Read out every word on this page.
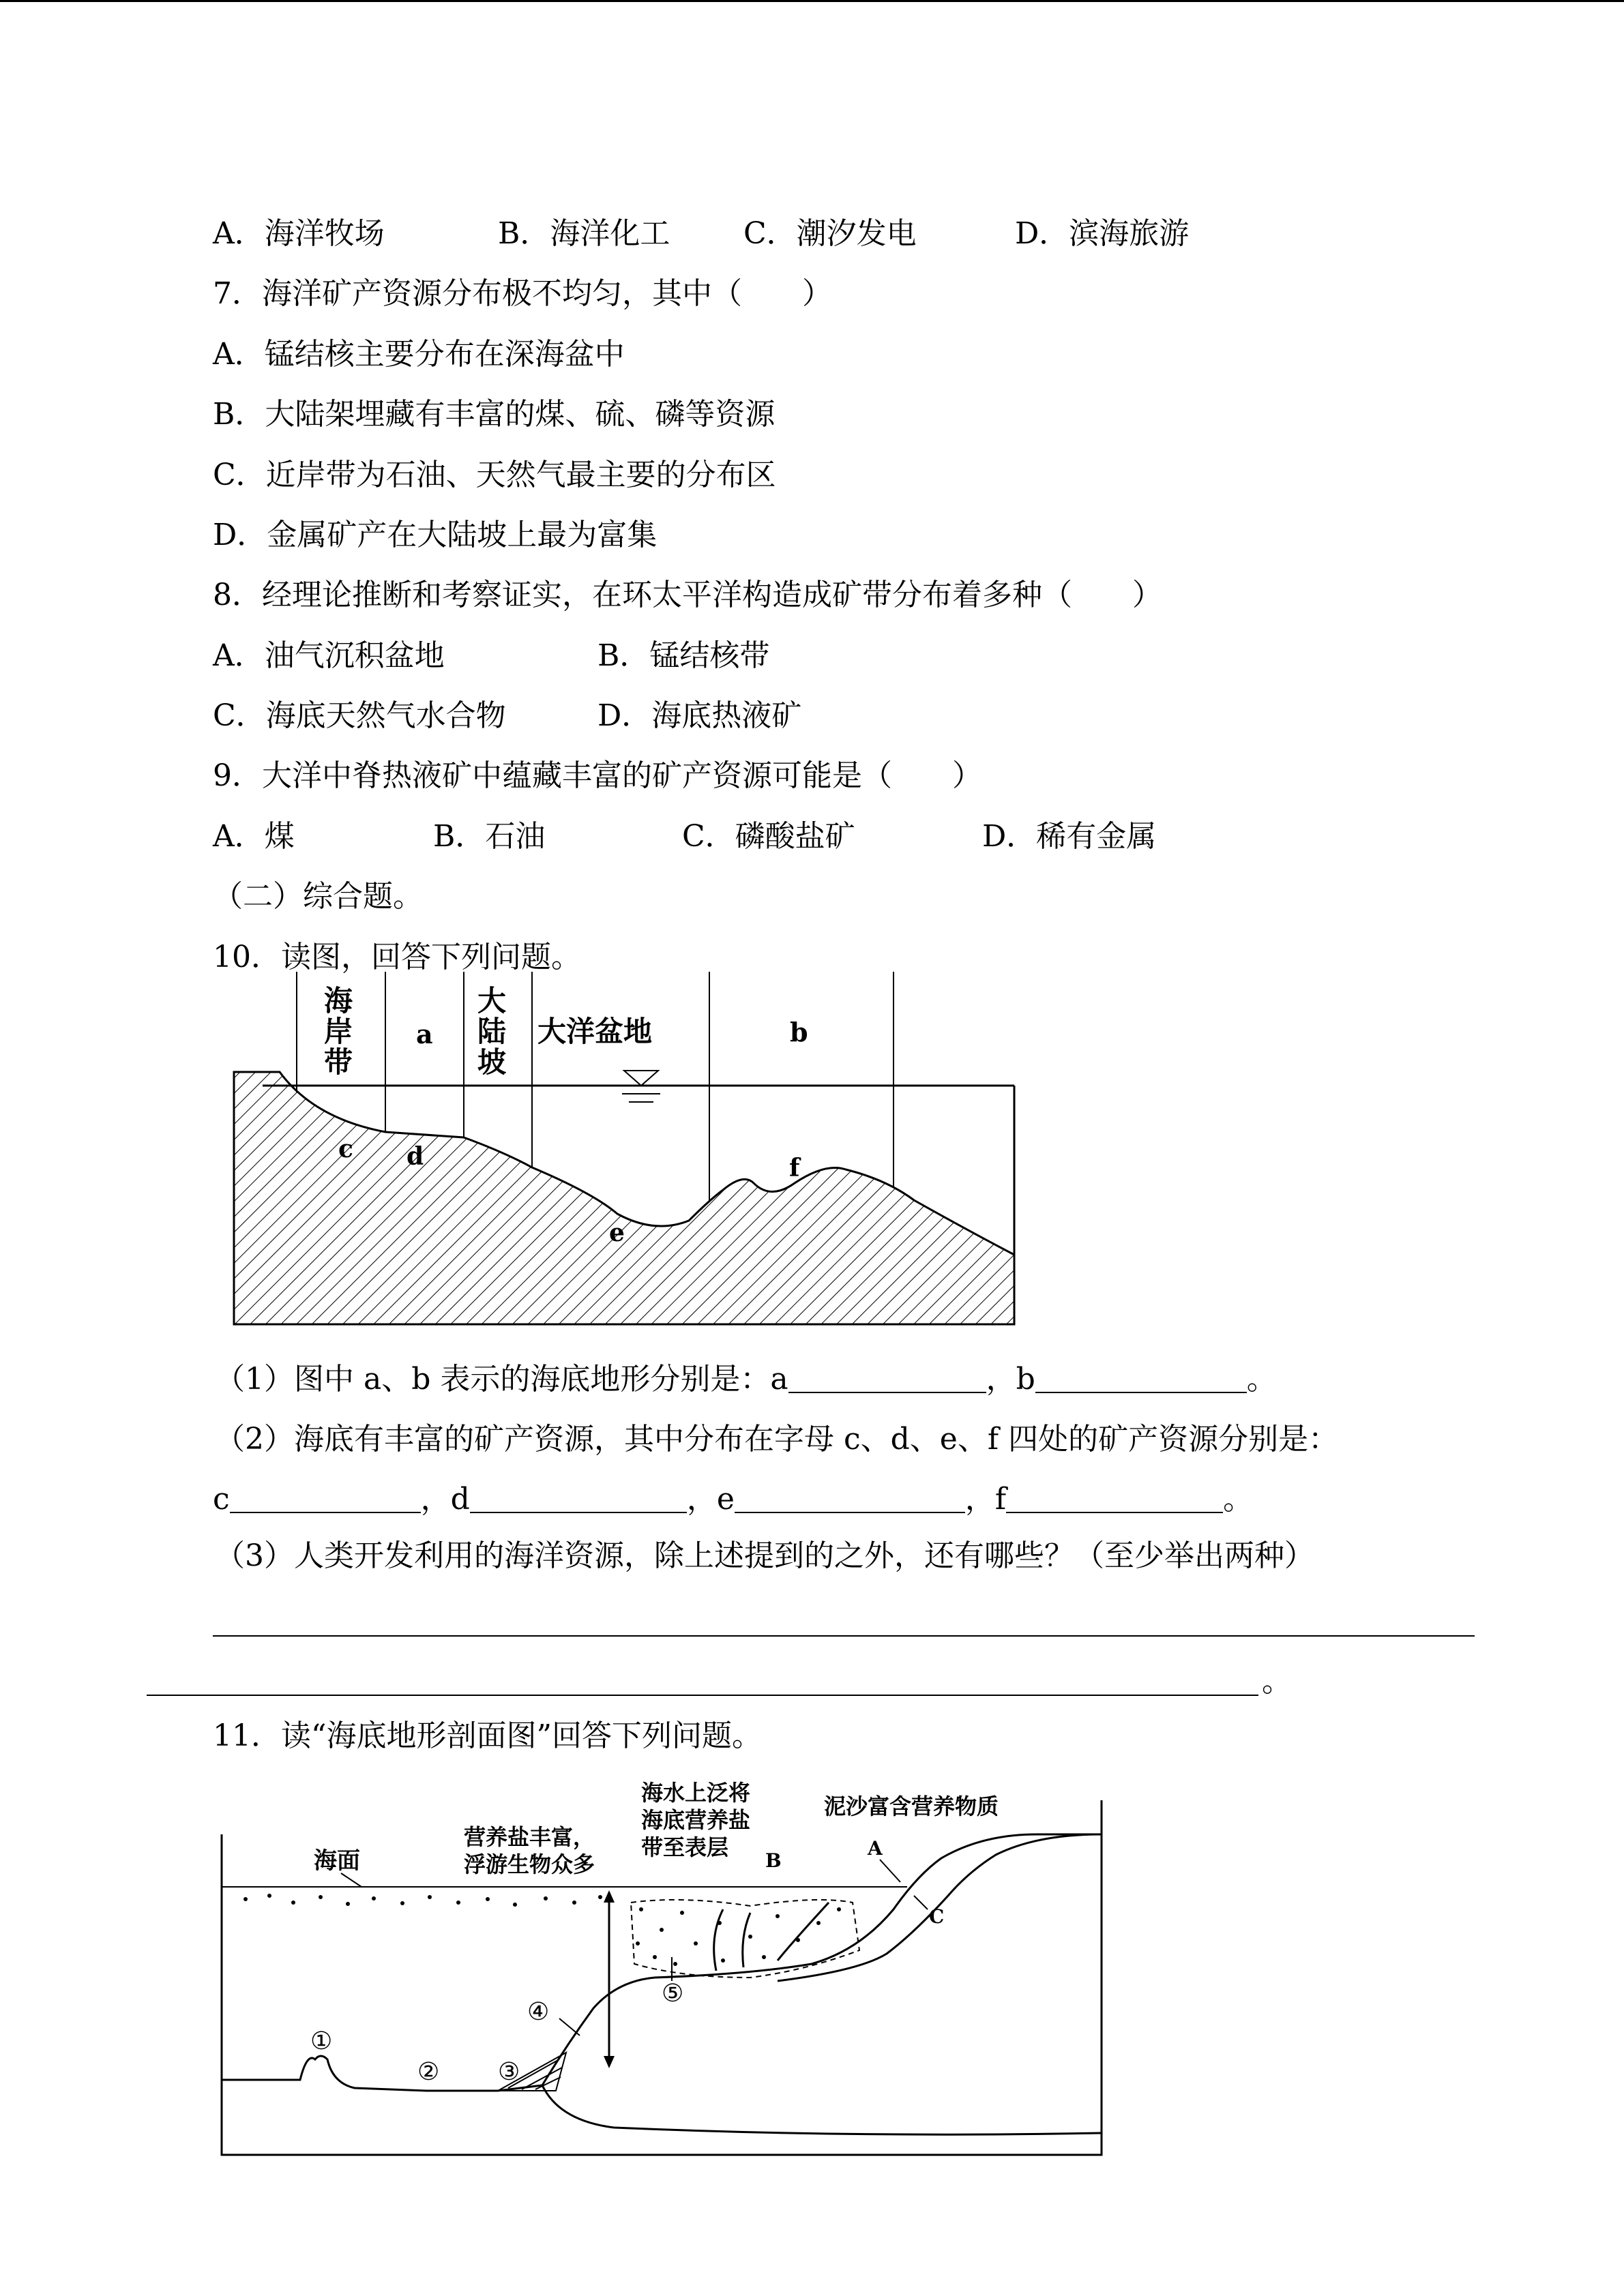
A．海洋牧场	B．海洋化工 C．潮汐发电	D．滨海旅游
7．海洋矿产资源分布极不均匀，其中（　　）
A．锰结核主要分布在深海盆中
B．大陆架埋藏有丰富的煤、硫、磷等资源
C．近岸带为石油、天然气最主要的分布区
D．金属矿产在大陆坡上最为富集
8．经理论推断和考察证实，在环太平洋构造成矿带分布着多种（　　）
A．油气沉积盆地	B．锰结核带
C．海底天然气水合物	D．海底热液矿
9．大洋中脊热液矿中蕴藏丰富的矿产资源可能是（　　）
A．煤	B．石油	C．磷酸盐矿	D．稀有金属
（二）综合题。
10．读图，回答下列问题。
海
岸
带
a
大
陆
坡
大洋盆地	b
c d
e
f
（1）图中 a、b 表示的海底地形分别是：a	，b	。
（2）海底有丰富的矿产资源，其中分布在字母 c、d、e、f 四处的矿产资源分别是：
c	，d	，e	，f	。
（3）人类开发利用的海洋资源，除上述提到的之外，还有哪些？（至少举出两种）
。
11．读“海底地形剖面图”回答下列问题。
海面
营养盐丰富，
浮游生物众多
海水上泛将
海底营养盐
带至表层
泥沙富含营养物质
A
B
C
①
② ③
④
⑤
